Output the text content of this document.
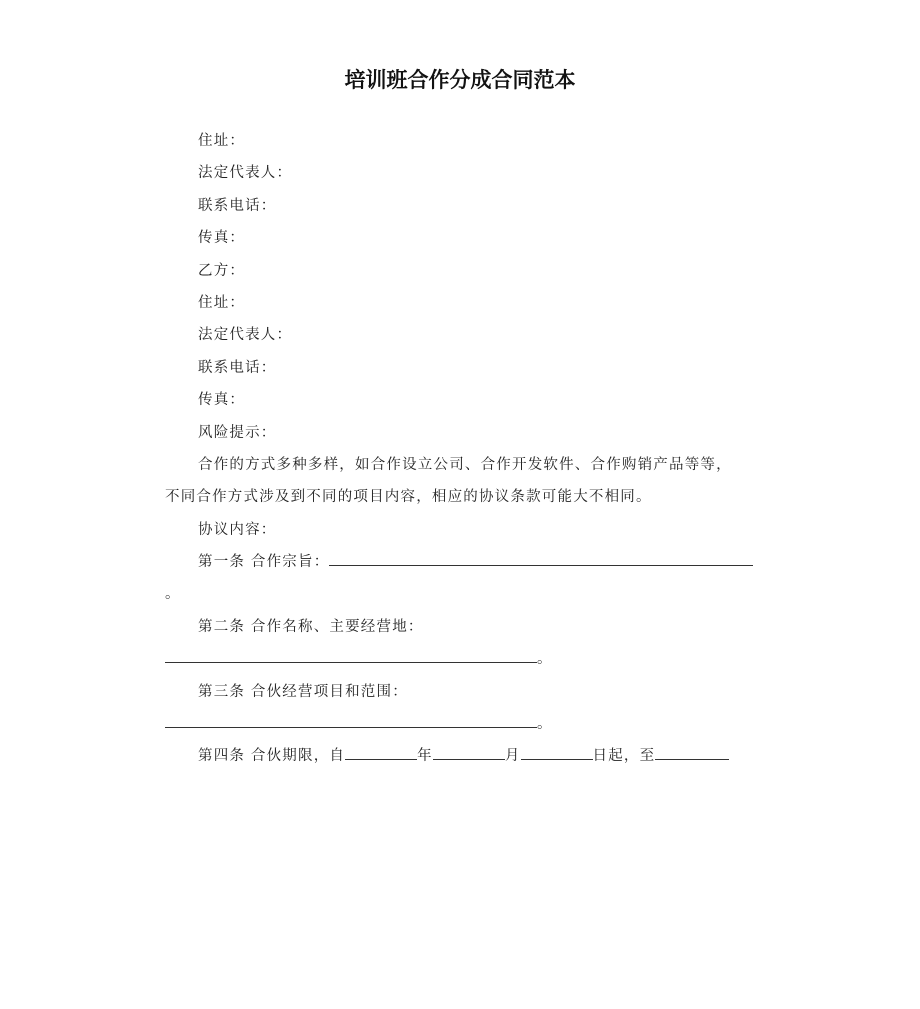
培训班合作分成合同范本
住址：
法定代表人：
联系电话：
传真：
乙方：
住址：
法定代表人：
联系电话：
传真：
风险提示：
合作的方式多种多样，如合作设立公司、合作开发软件、合作购销产品等等，
不同合作方式涉及到不同的项目内容，相应的协议条款可能大不相同。
协议内容：
第一条 合作宗旨：
。
第二条 合作名称、主要经营地：
。
第三条 合伙经营项目和范围：
。
第四条 合伙期限，自	年	月	日起，至
